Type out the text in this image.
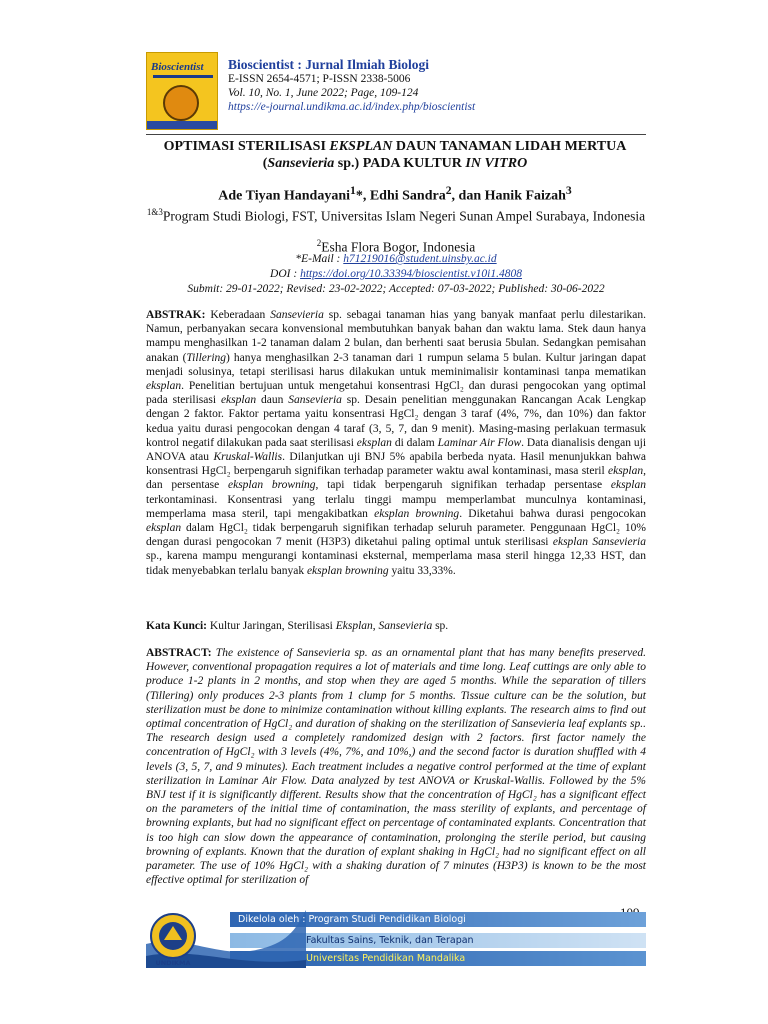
Bioscientist Bioscientist : Jurnal Ilmiah Biologi
E-ISSN 2654-4571; P-ISSN 2338-5006
Vol. 10, No. 1, June 2022; Page, 109-124
https://e-journal.undikma.ac.id/index.php/bioscientist
OPTIMASI STERILISASI EKSPLAN DAUN TANAMAN LIDAH MERTUA (Sansevieria sp.) PADA KULTUR IN VITRO
Ade Tiyan Handayani$^1$*, Edhi Sandra$^2$, dan Hanik Faizah$^3$
$^{1\&3}$Program Studi Biologi, FST, Universitas Islam Negeri Sunan Ampel Surabaya, Indonesia
$^2$Esha Flora Bogor, Indonesia
*E-Mail : h71219016@student.uinsby.ac.id
DOI : https://doi.org/10.33394/bioscientist.v10i1.4808
Submit: 29-01-2022; Revised: 23-02-2022; Accepted: 07-03-2022; Published: 30-06-2022
ABSTRAK: Keberadaan Sansevieria sp. sebagai tanaman hias yang banyak manfaat perlu dilestarikan. Namun, perbanyakan secara konvensional membutuhkan banyak bahan dan waktu lama. Stek daun hanya mampu menghasilkan 1-2 tanaman dalam 2 bulan, dan berhenti saat berusia 5bulan. Sedangkan pemisahan anakan (Tillering) hanya menghasilkan 2-3 tanaman dari 1 rumpun selama 5 bulan. Kultur jaringan dapat menjadi solusinya, tetapi sterilisasi harus dilakukan untuk meminimalisir kontaminasi tanpa mematikan eksplan. Penelitian bertujuan untuk mengetahui konsentrasi HgCl₂ dan durasi pengocokan yang optimal pada sterilisasi eksplan daun Sansevieria sp. Desain penelitian menggunakan Rancangan Acak Lengkap dengan 2 faktor. Faktor pertama yaitu konsentrasi HgCl₂ dengan 3 taraf (4%, 7%, dan 10%) dan faktor kedua yaitu durasi pengocokan dengan 4 taraf (3, 5, 7, dan 9 menit). Masing-masing perlakuan termasuk kontrol negatif dilakukan pada saat sterilisasi eksplan di dalam Laminar Air Flow. Data dianalisis dengan uji ANOVA atau Kruskal-Wallis. Dilanjutkan uji BNJ 5% apabila berbeda nyata. Hasil menunjukkan bahwa konsentrasi HgCl₂ berpengaruh signifikan terhadap parameter waktu awal kontaminasi, masa steril eksplan, dan persentase eksplan browning, tapi tidak berpengaruh signifikan terhadap persentase eksplan terkontaminasi. Konsentrasi yang terlalu tinggi mampu memperlambat munculnya kontaminasi, memperlama masa steril, tapi mengakibatkan eksplan browning. Diketahui bahwa durasi pengocokan eksplan dalam HgCl₂ tidak berpengaruh signifikan terhadap seluruh parameter. Penggunaan HgCl₂ 10% dengan durasi pengocokan 7 menit (H3P3) diketahui paling optimal untuk sterilisasi eksplan Sansevieria sp., karena mampu mengurangi kontaminasi eksternal, memperlama masa steril hingga 12,33 HST, dan tidak menyebabkan terlalu banyak eksplan browning yaitu 33,33%.
Kata Kunci: Kultur Jaringan, Sterilisasi Eksplan, Sansevieria sp.
ABSTRACT: The existence of Sansevieria sp. as an ornamental plant that has many benefits preserved. However, conventional propagation requires a lot of materials and time long. Leaf cuttings are only able to produce 1-2 plants in 2 months, and stop when they are aged 5 months. While the separation of tillers (Tillering) only produces 2-3 plants from 1 clump for 5 months. Tissue culture can be the solution, but sterilization must be done to minimize contamination without killing explants. The research aims to find out optimal concentration of HgCl₂ and duration of shaking on the sterilization of Sansevieria leaf explants sp.. The research design used a completely randomized design with 2 factors. first factor namely the concentration of HgCl₂ with 3 levels (4%, 7%, and 10%,) and the second factor is duration shuffled with 4 levels (3, 5, 7, and 9 minutes). Each treatment includes a negative control performed at the time of explant sterilization in Laminar Air Flow. Data analyzed by test ANOVA or Kruskal-Wallis. Followed by the 5% BNJ test if it is significantly different. Results show that the concentration of HgCl₂ has a significant effect on the parameters of the initial time of contamination, the mass sterility of explants, and percentage of browning explants, but had no significant effect on percentage of contaminated explants. Concentration that is too high can slow down the appearance of contamination, prolonging the sterile period, but causing browning of explants. Known that the duration of explant shaking in HgCl₂ had no significant effect on all parameter. The use of 10% HgCl₂ with a shaking duration of 7 minutes (H3P3) is known to be the most effective optimal for sterilization of
UNDIKMA
Dikelola oleh : Program Studi Pendidikan Biologi
Fakultas Sains, Teknik, dan Terapan
Universitas Pendidikan Mandalika
